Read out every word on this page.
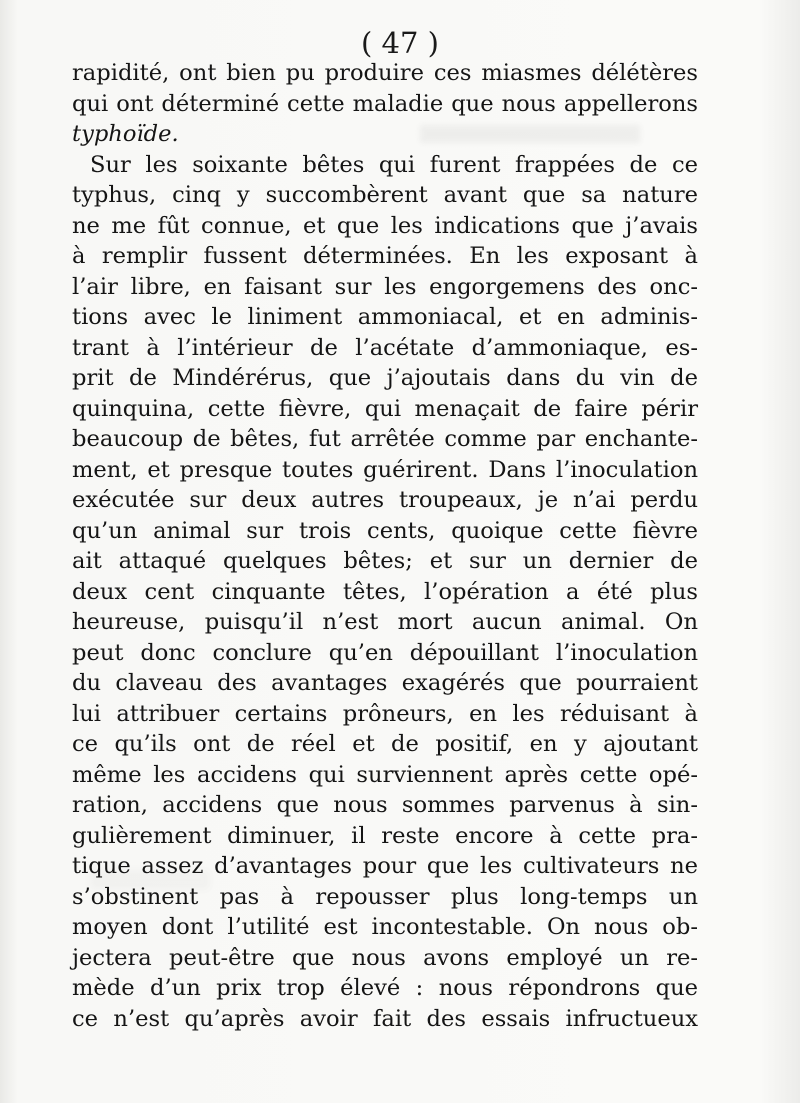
( 47 )
rapidité, ont bien pu produire ces miasmes délétères
qui ont déterminé cette maladie que nous appellerons
typhoïde.
Sur les soixante bêtes qui furent frappées de ce
typhus, cinq y succombèrent avant que sa nature
ne me fût connue, et que les indications que j’avais
à remplir fussent déterminées. En les exposant à
l’air libre, en faisant sur les engorgemens des onc-
tions avec le liniment ammoniacal, et en adminis-
trant à l’intérieur de l’acétate d’ammoniaque, es-
prit de Mindérérus, que j’ajoutais dans du vin de
quinquina, cette fièvre, qui menaçait de faire périr
beaucoup de bêtes, fut arrêtée comme par enchante-
ment, et presque toutes guérirent. Dans l’inoculation
exécutée sur deux autres troupeaux, je n’ai perdu
qu’un animal sur trois cents, quoique cette fièvre
ait attaqué quelques bêtes; et sur un dernier de
deux cent cinquante têtes, l’opération a été plus
heureuse, puisqu’il n’est mort aucun animal. On
peut donc conclure qu’en dépouillant l’inoculation
du claveau des avantages exagérés que pourraient
lui attribuer certains prôneurs, en les réduisant à
ce qu’ils ont de réel et de positif, en y ajoutant
même les accidens qui surviennent après cette opé-
ration, accidens que nous sommes parvenus à sin-
gulièrement diminuer, il reste encore à cette pra-
tique assez d’avantages pour que les cultivateurs ne
s’obstinent pas à repousser plus long-temps un
moyen dont l’utilité est incontestable. On nous ob-
jectera peut-être que nous avons employé un re-
mède d’un prix trop élevé : nous répondrons que
ce n’est qu’après avoir fait des essais infructueux
